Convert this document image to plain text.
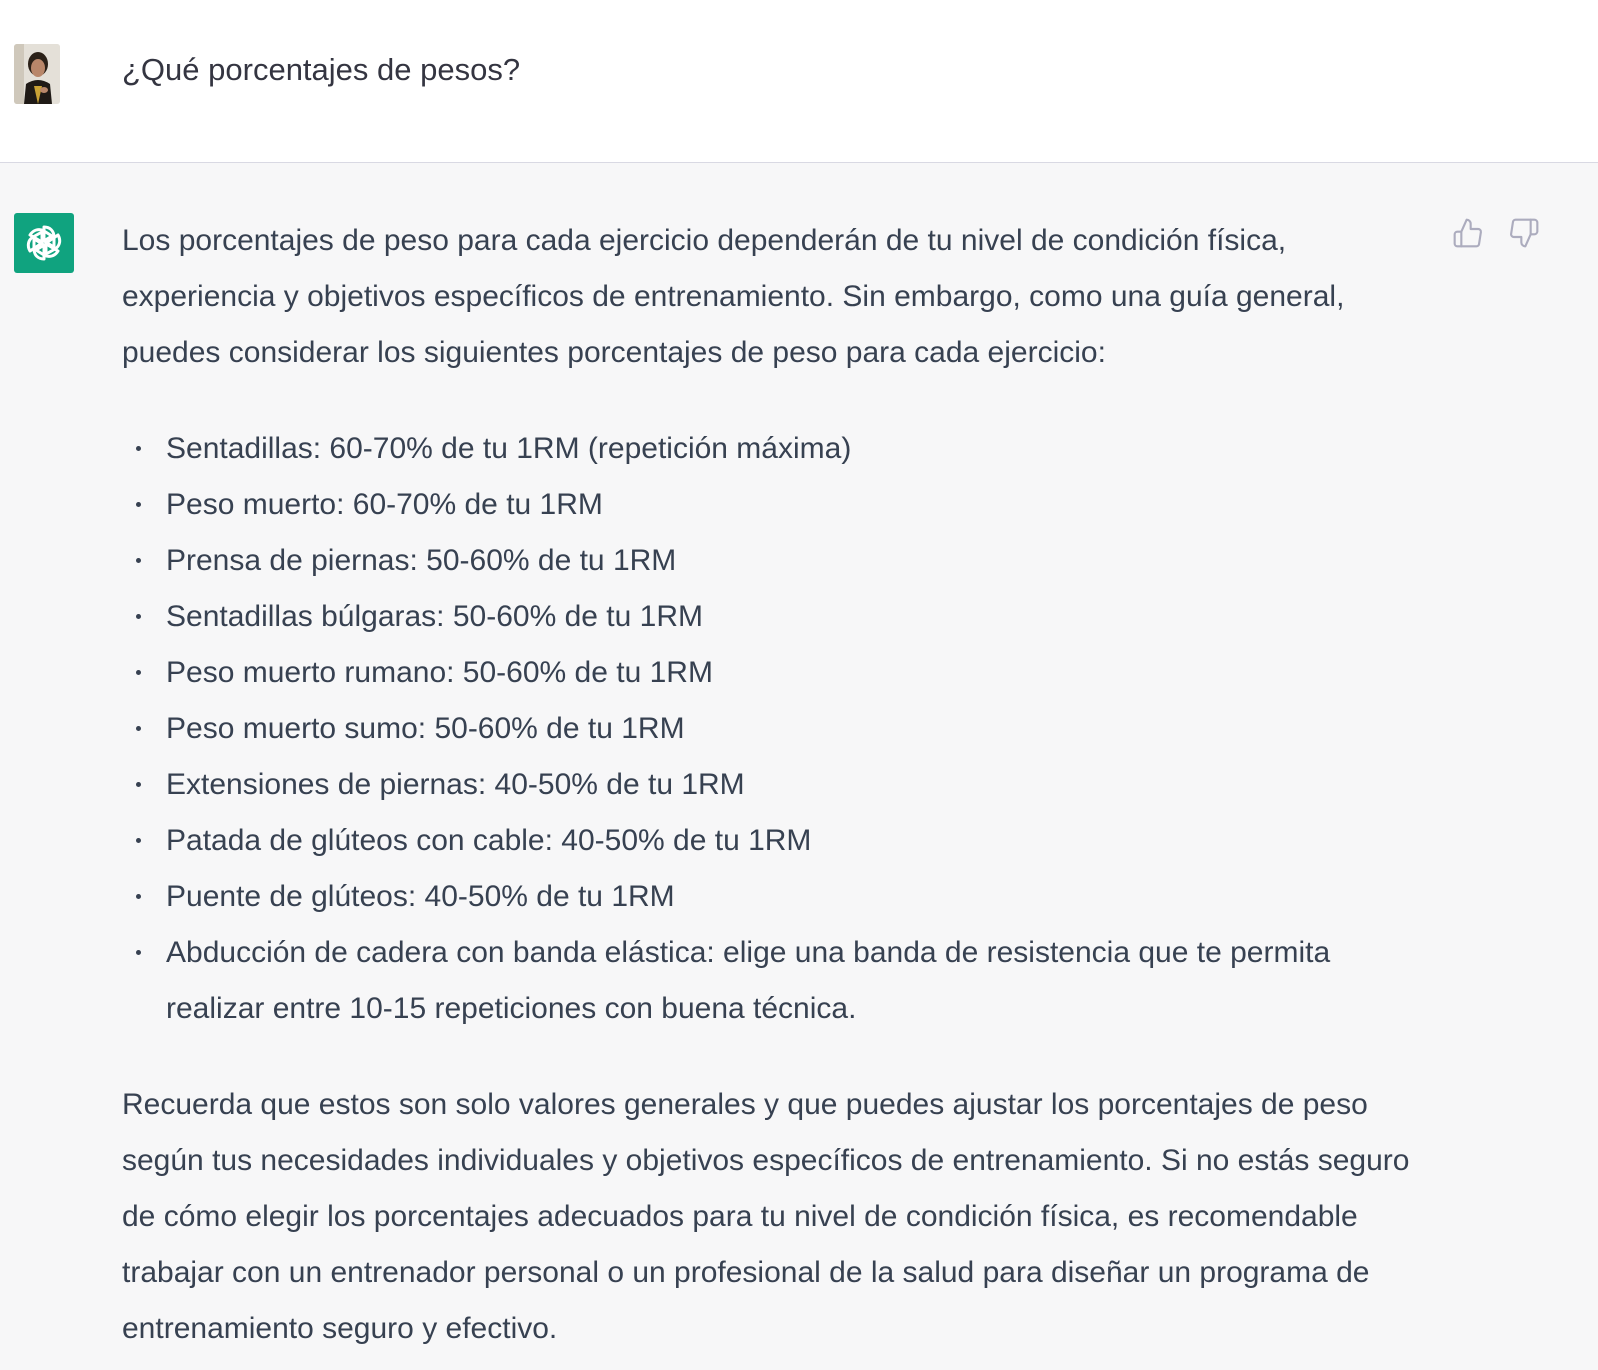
¿Qué porcentajes de pesos?

Los porcentajes de peso para cada ejercicio dependerán de tu nivel de condición física, experiencia y objetivos específicos de entrenamiento. Sin embargo, como una guía general, puedes considerar los siguientes porcentajes de peso para cada ejercicio:

Sentadillas: 60-70% de tu 1RM (repetición máxima)
Peso muerto: 60-70% de tu 1RM
Prensa de piernas: 50-60% de tu 1RM
Sentadillas búlgaras: 50-60% de tu 1RM
Peso muerto rumano: 50-60% de tu 1RM
Peso muerto sumo: 50-60% de tu 1RM
Extensiones de piernas: 40-50% de tu 1RM
Patada de glúteos con cable: 40-50% de tu 1RM
Puente de glúteos: 40-50% de tu 1RM
Abducción de cadera con banda elástica: elige una banda de resistencia que te permita realizar entre 10-15 repeticiones con buena técnica.

Recuerda que estos son solo valores generales y que puedes ajustar los porcentajes de peso según tus necesidades individuales y objetivos específicos de entrenamiento. Si no estás seguro de cómo elegir los porcentajes adecuados para tu nivel de condición física, es recomendable trabajar con un entrenador personal o un profesional de la salud para diseñar un programa de entrenamiento seguro y efectivo.
